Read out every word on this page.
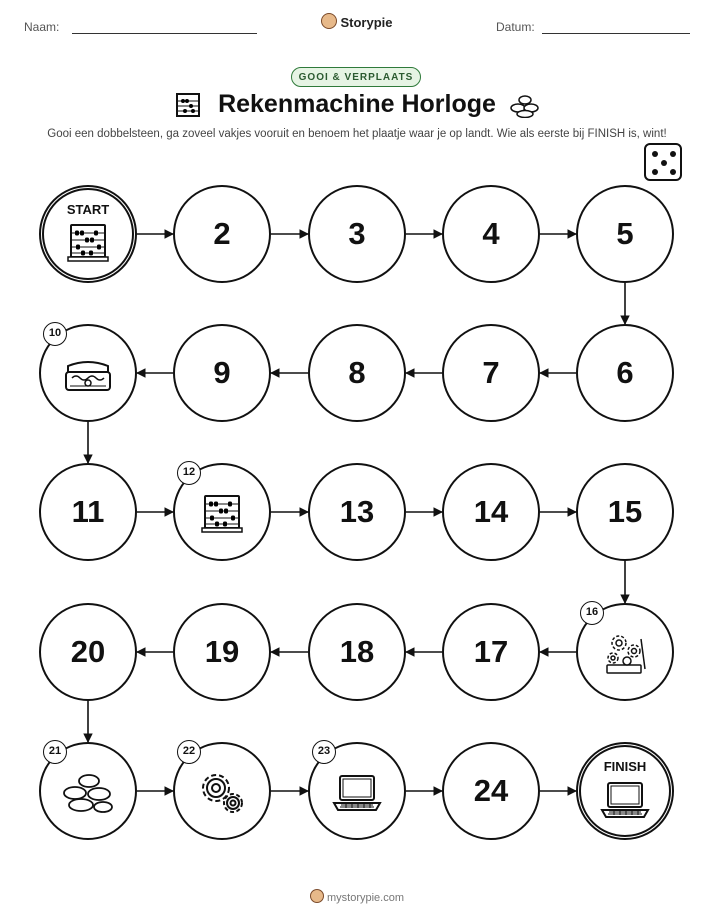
Naam:	Storypie	Datum:
GOOI & VERPLAATS
Rekenmachine Horloge
Gooi een dobbelsteen, ga zoveel vakjes vooruit en benoem het plaatje waar je op landt. Wie als eerste bij FINISH is, wint!
START
2	3	4	5
6
7
8
9
10
11
12
13	14	15
16
17
18
19
20
21	22	23
24
FINISH
mystorypie.com
